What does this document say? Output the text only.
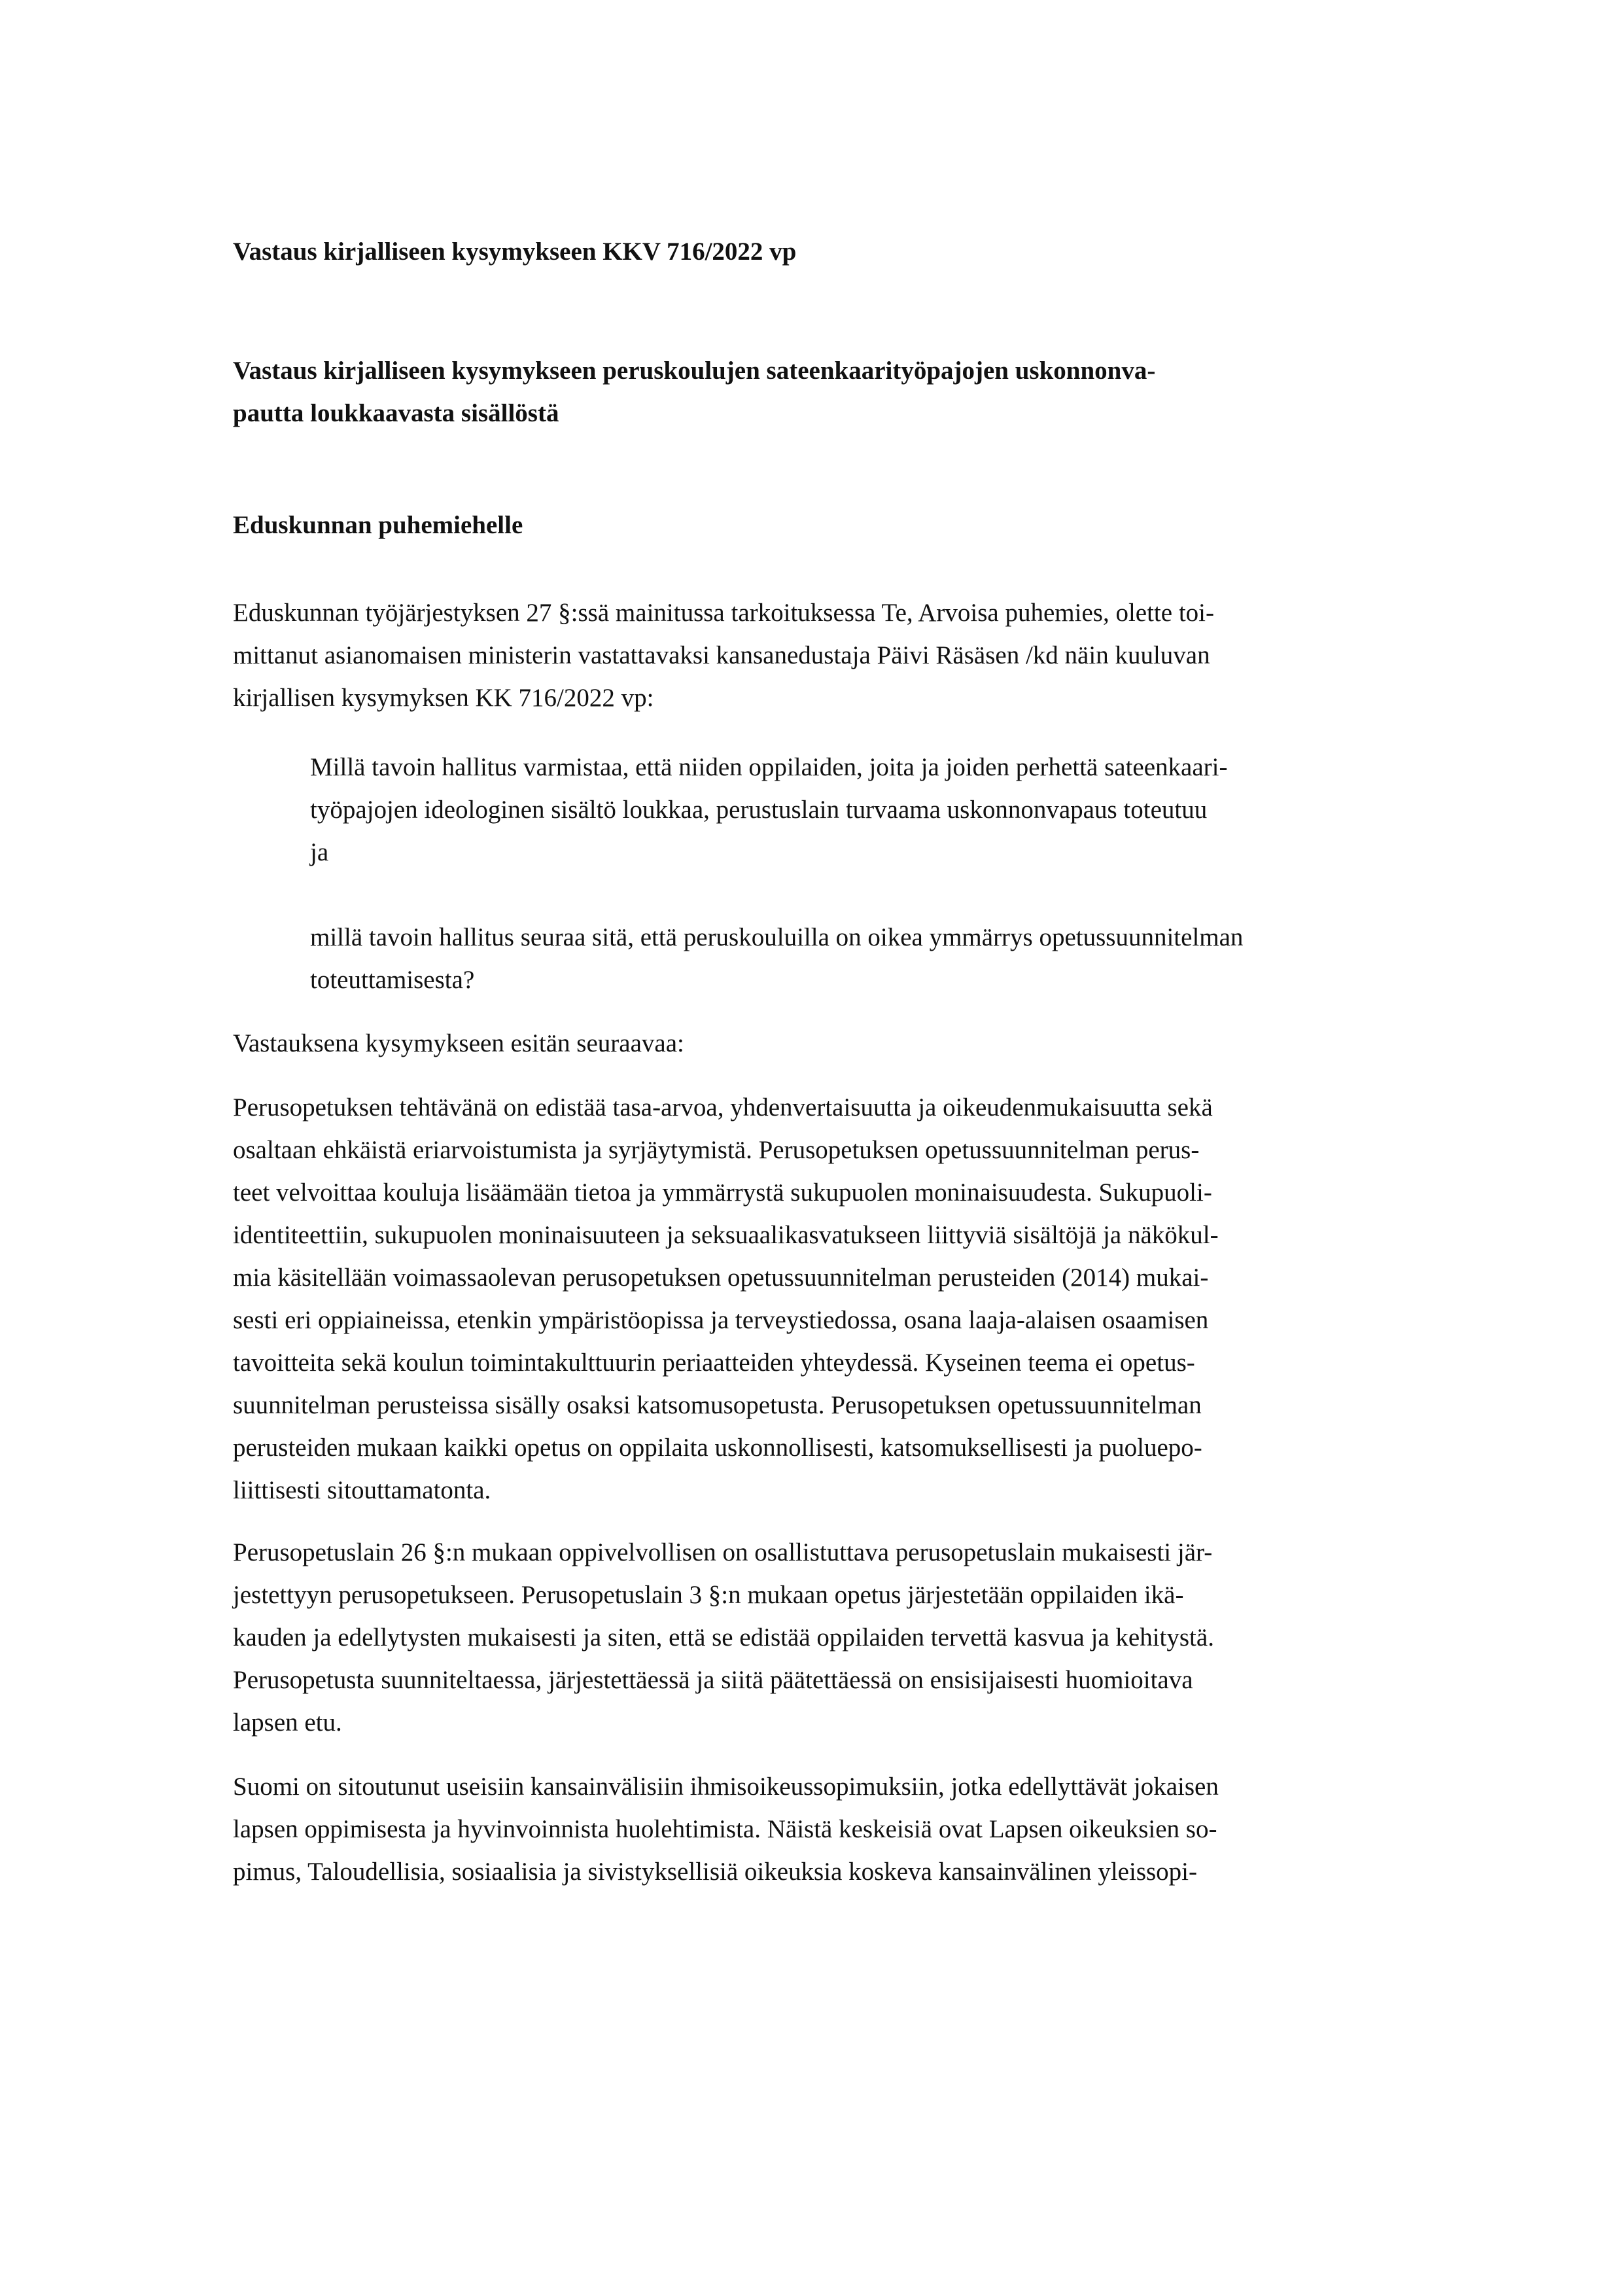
Vastaus kirjalliseen kysymykseen KKV 716/2022 vp

Vastaus kirjalliseen kysymykseen peruskoulujen sateenkaarityöpajojen uskonnonva-
pautta loukkaavasta sisällöstä

Eduskunnan puhemiehelle

Eduskunnan työjärjestyksen 27 §:ssä mainitussa tarkoituksessa Te, Arvoisa puhemies, olette toi-
mittanut asianomaisen ministerin vastattavaksi kansanedustaja Päivi Räsäsen /kd näin kuuluvan
kirjallisen kysymyksen KK 716/2022 vp:

Millä tavoin hallitus varmistaa, että niiden oppilaiden, joita ja joiden perhettä sateenkaari-
työpajojen ideologinen sisältö loukkaa, perustuslain turvaama uskonnonvapaus toteutuu
ja

millä tavoin hallitus seuraa sitä, että peruskouluilla on oikea ymmärrys opetussuunnitelman
toteuttamisesta?

Vastauksena kysymykseen esitän seuraavaa:

Perusopetuksen tehtävänä on edistää tasa-arvoa, yhdenvertaisuutta ja oikeudenmukaisuutta sekä
osaltaan ehkäistä eriarvoistumista ja syrjäytymistä. Perusopetuksen opetussuunnitelman perus-
teet velvoittaa kouluja lisäämään tietoa ja ymmärrystä sukupuolen moninaisuudesta. Sukupuoli-
identiteettiin, sukupuolen moninaisuuteen ja seksuaalikasvatukseen liittyviä sisältöjä ja näkökul-
mia käsitellään voimassaolevan perusopetuksen opetussuunnitelman perusteiden (2014) mukai-
sesti eri oppiaineissa, etenkin ympäristöopissa ja terveystiedossa, osana laaja-alaisen osaamisen
tavoitteita sekä koulun toimintakulttuurin periaatteiden yhteydessä. Kyseinen teema ei opetus-
suunnitelman perusteissa sisälly osaksi katsomusopetusta. Perusopetuksen opetussuunnitelman
perusteiden mukaan kaikki opetus on oppilaita uskonnollisesti, katsomuksellisesti ja puoluepo-
liittisesti sitouttamatonta.

Perusopetuslain 26 §:n mukaan oppivelvollisen on osallistuttava perusopetuslain mukaisesti jär-
jestettyyn perusopetukseen. Perusopetuslain 3 §:n mukaan opetus järjestetään oppilaiden ikä-
kauden ja edellytysten mukaisesti ja siten, että se edistää oppilaiden tervettä kasvua ja kehitystä.
Perusopetusta suunniteltaessa, järjestettäessä ja siitä päätettäessä on ensisijaisesti huomioitava
lapsen etu.

Suomi on sitoutunut useisiin kansainvälisiin ihmisoikeussopimuksiin, jotka edellyttävät jokaisen
lapsen oppimisesta ja hyvinvoinnista huolehtimista. Näistä keskeisiä ovat Lapsen oikeuksien so-
pimus, Taloudellisia, sosiaalisia ja sivistyksellisiä oikeuksia koskeva kansainvälinen yleissopi-
